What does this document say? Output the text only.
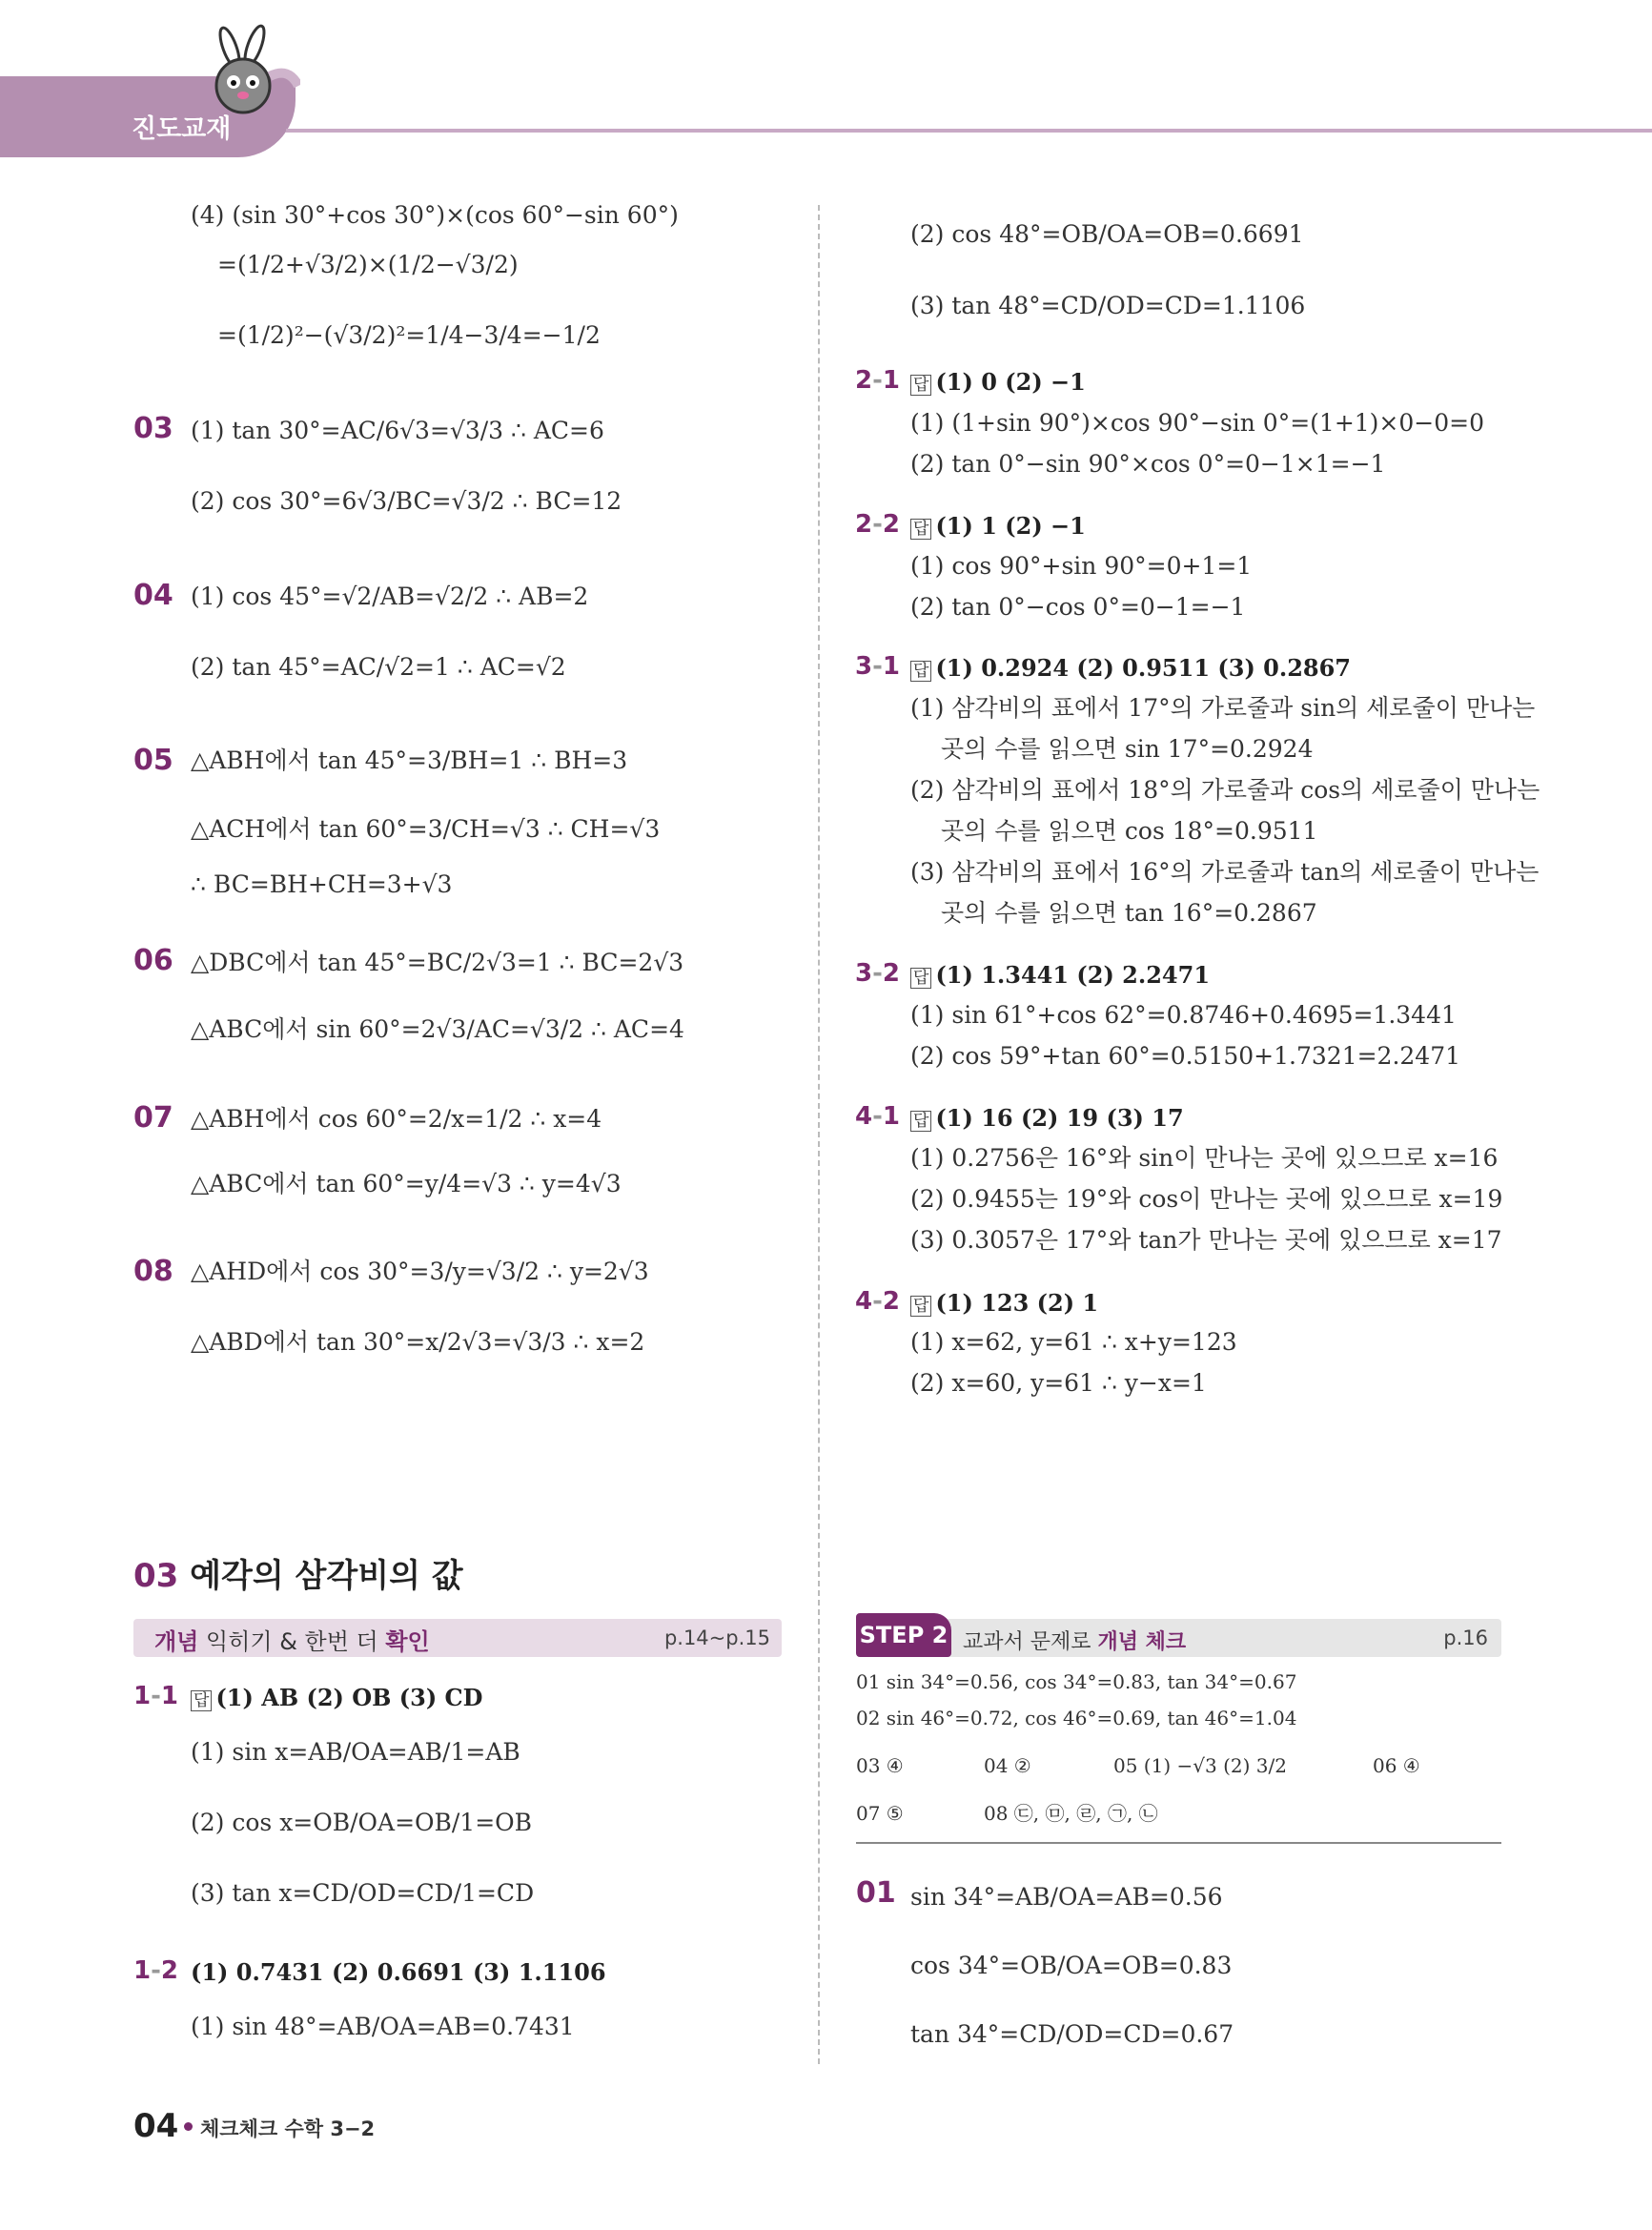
진도교재
(4) (sin 30°+cos 30°)×(cos 60°−sin 60°)
=(1/2+√3/2)×(1/2−√3/2)
=(1/2)²−(√3/2)²=1/4−3/4=−1/2
03 (1) tan 30°=AC/6√3=√3/3 ∴ AC=6
(2) cos 30°=6√3/BC=√3/2 ∴ BC=12
04 (1) cos 45°=√2/AB=√2/2 ∴ AB=2
(2) tan 45°=AC/√2=1 ∴ AC=√2
05 △ABH에서 tan 45°=3/BH=1 ∴ BH=3
△ACH에서 tan 60°=3/CH=√3 ∴ CH=√3
∴ BC=BH+CH=3+√3
06 △DBC에서 tan 45°=BC/2√3=1 ∴ BC=2√3
△ABC에서 sin 60°=2√3/AC=√3/2 ∴ AC=4
07 △ABH에서 cos 60°=2/x=1/2 ∴ x=4
△ABC에서 tan 60°=y/4=√3 ∴ y=4√3
08 △AHD에서 cos 30°=3/y=√3/2 ∴ y=2√3
△ABD에서 tan 30°=x/2√3=√3/3 ∴ x=2
(2) cos 48°=OB/OA=OB=0.6691
(3) tan 48°=CD/OD=CD=1.1106
2-1 답 (1) 0 (2) −1
(1) (1+sin 90°)×cos 90°−sin 0°=(1+1)×0−0=0
(2) tan 0°−sin 90°×cos 0°=0−1×1=−1
2-2 답 (1) 1 (2) −1
(1) cos 90°+sin 90°=0+1=1
(2) tan 0°−cos 0°=0−1=−1
3-1 답 (1) 0.2924 (2) 0.9511 (3) 0.2867
(1) 삼각비의 표에서 17°의 가로줄과 sin의 세로줄이 만나는
곳의 수를 읽으면 sin 17°=0.2924
(2) 삼각비의 표에서 18°의 가로줄과 cos의 세로줄이 만나는
곳의 수를 읽으면 cos 18°=0.9511
(3) 삼각비의 표에서 16°의 가로줄과 tan의 세로줄이 만나는
곳의 수를 읽으면 tan 16°=0.2867
3-2 답 (1) 1.3441 (2) 2.2471
(1) sin 61°+cos 62°=0.8746+0.4695=1.3441
(2) cos 59°+tan 60°=0.5150+1.7321=2.2471
4-1 답 (1) 16 (2) 19 (3) 17
(1) 0.2756은 16°와 sin이 만나는 곳에 있으므로 x=16
(2) 0.9455는 19°와 cos이 만나는 곳에 있으므로 x=19
(3) 0.3057은 17°와 tan가 만나는 곳에 있으므로 x=17
4-2 답 (1) 123 (2) 1
(1) x=62, y=61 ∴ x+y=123
(2) x=60, y=61 ∴ y−x=1
03 예각의 삼각비의 값
개념 익히기 & 한번 더 확인	p.14~p.15
1-1 답 (1) AB (2) OB (3) CD
(1) sin x=AB/OA=AB/1=AB
(2) cos x=OB/OA=OB/1=OB
(3) tan x=CD/OD=CD/1=CD
1-2 (1) 0.7431 (2) 0.6691 (3) 1.1106
(1) sin 48°=AB/OA=AB=0.7431
STEP 2 교과서 문제로 개념 체크	p.16
01 sin 34°=0.56, cos 34°=0.83, tan 34°=0.67
02 sin 46°=0.72, cos 46°=0.69, tan 46°=1.04
03 ④	04 ②	05 (1) −√3 (2) 3/2	06 ④
07 ⑤	08 ㉢, ㉤, ㉣, ㉠, ㉡
01 sin 34°=AB/OA=AB=0.56
cos 34°=OB/OA=OB=0.83
tan 34°=CD/OD=CD=0.67
04 체크체크 수학 3−2
